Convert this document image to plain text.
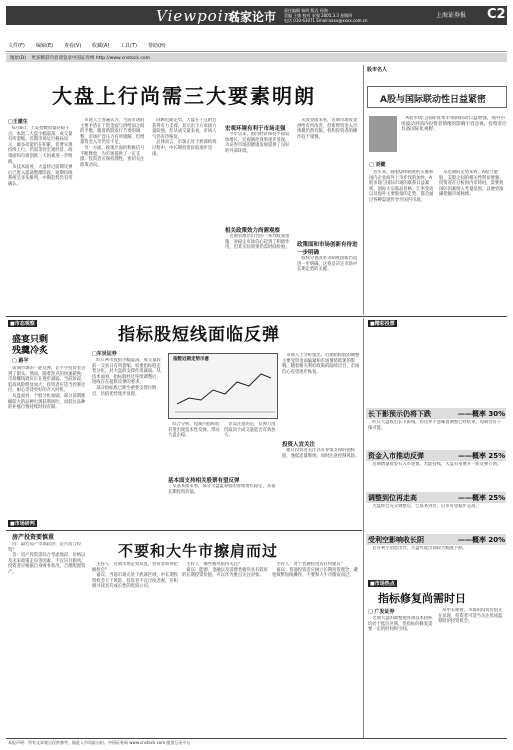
Viewpoint
名家论市 责任编辑 杨明 版式 孙海
美编 王敏 校对 宋强 2005.3.3 星期四
电话 010-63071 Email:xxxx@xxxx.com.cn
上海证券报 C2
文件(F) 编辑(E) 查看(V) 收藏(A) 工具(T) 帮助(H)
地址(D) 更多精彩内容请登录中国证券网 http://www.cnstock.com
大盘上行尚需三大要素明朗
□王建生

　6月8日，上证指数放量站稳千点，本周二大盘小幅震荡，成交量有所萎缩。近期市场运行格局显示，做多动能仍在积累，但要实现持续上行，仍需等待宏观经济、政策面和市场创新三大因素进一步明朗。

　从技术面看，大盘经过前期反弹后已进入震荡整理阶段，短期均线系统呈多头排列，中期趋势仍有待确认。

　市场人士普遍认为，当前市场的主要矛盾在于资金面与供给面之间的平衡。随着新股发行节奏的调整，市场扩容压力有所缓解，但增量资金入市仍显不足。

　另一方面，政策层面的积极信号不断释放，为市场提供了一定支撑。投资者应保持理性，密切关注政策动向。

　回顾近期走势，大盘在千点附近获得有力支撑，显示出下方承接力量较强。但从成交量来看，市场人气仍有待恢复。

　总体而言，市场正处于底部构筑过程中，中长期投资价值逐步显现。

宏观环境有利于市场走强

　今年以来，国内经济保持平稳较快增长，宏观调控效果逐步显现，为证券市场的健康发展提供了良好的外部环境。

相关政策效力尚需观察

　近期管理层出台的一系列政策措施，对稳定市场信心起到了积极作用，但其实际效果仍需时间检验。

　从资金面来看，近期市场资金供给有所改善，但新增资金入市规模仍然有限。机构投资者的操作趋于谨慎。

政策面和市场创新有待进一步明确

　股权分置改革等制度创新仍需进一步明确，这将是决定市场中长期走势的关键。

股市名人
A股与国际联动性日益紧密

　A股市场与国际资本市场的联动日益增强，海外市场波动对国内投资者情绪的影响不容忽视，投资者应具备国际化视野。

□ 刘健

　近年来，随着QFII制度的实施和国内企业海外上市步伐的加快，A股市场与国际市场的联系日益紧密。国际大宗商品价格、汇率变动以及海外主要股指的走势，都会通过各种渠道传导至国内市场。

　从近期的走势来看，A股与港股、美股之间的相关性明显增强。投资者在分析国内市场时，需要将国际因素纳入考量范围，以便更准确把握市场脉搏。

■市态观察
盛宴只剩
残羹冷炙
□ 路平

　前期市场的一轮反弹，让不少投资者尝到了甜头。然而，随着热点的快速轮换，市场赚钱效应正在逐步减弱。当前阶段，追高风险明显加大，投资者应适当控制仓位，耐心等待更好的介入时机。

　从盘面看，个股分化加剧，部分前期涨幅较大的品种出现获利回吐，而低位品种的补涨行情持续时间有限。

指标股短线面临反弹
□东吴证券

　昨日两市股指小幅震荡，成交量较前一交易日有所萎缩。权重指标股走势分化，对大盘的支撑作用减弱。从技术面看，指标股经过连续调整后，短线存在超跌反弹的要求。

　部分指标股已跌至重要支撑位附近，估值优势逐步显现。

指数近期走势示意

　综合分析，短期内指标股有望出现技术性反弹，带动大盘企稳。

　但需注意的是，反弹力度仍取决于成交量能否有效放大。

基本面支持相关股票有望反弹

　从基本面来看，部分大盘蓝筹股的业绩增长稳定，具备长期投资价值。

　市场人士分析指出，近期指标股的调整主要受资金面偏紧和市场情绪低迷的影响。随着相关利好政策的陆续出台，市场信心有望逐步恢复。

投资人宜关注

　建议投资者关注具有业绩支撑的指标股，逢低适量吸纳，同时注意控制风险。

■精彩投票
长下影预示仍将下跌	——概率 30%

　昨日大盘收出长下影线，但这并不意味着调整已经结束，短期仍有下探可能。

资金入市推动反弹	——概率 25%

　近期增量资金有入市迹象，若能持续，大盘有望展开一轮反弹行情。

调整到位再走高	——概率 25%

　大盘经过充分调整后，已基本到位，后市有望稳步走高。

受利空影响收长阴	——概率 20%

　若有利空消息出台，大盘可能出现较大幅度下跌。

■市场热点
指标修复尚需时日
□ 广发证券

　近期大盘的调整使各项技术指标均处于低位区域，但指标的修复需要一定的时间和空间。

　从中长期看，市场的投资价值正在显现，投资者可适当关注优质蓝筹股的投资机会。

■市场研判
房产投资要慎重

　问：最近房产市场较热，是否适合投资？

　答：房产投资需综合考虑地段、价格以及未来政策走向等因素，不宜盲目跟风。投资者应根据自身财务状况，合理配置资产。

不要和大牛市擦肩而过

　主持人：近期市场走势反复，投资者如何把握机会？

　嘉宾：当前市场正处于底部区域，中长期投资机会大于风险。投资者不宜过度悲观，应积极寻找具有成长性的优质公司。

　主持人：哪些板块值得关注？

　嘉宾：能源、金融以及消费类板块具有较好的长期投资价值，可以作为重点关注对象。

　主持人：对于普通投资者有何建议？

　嘉宾：普通投资者应树立长期投资理念，避免频繁短线操作，不要和大牛市擦肩而过。

本报声明：所有文章观点仅供参考，据此入市风险自担。中国证券网 www.cnstock.com 提供互动平台
